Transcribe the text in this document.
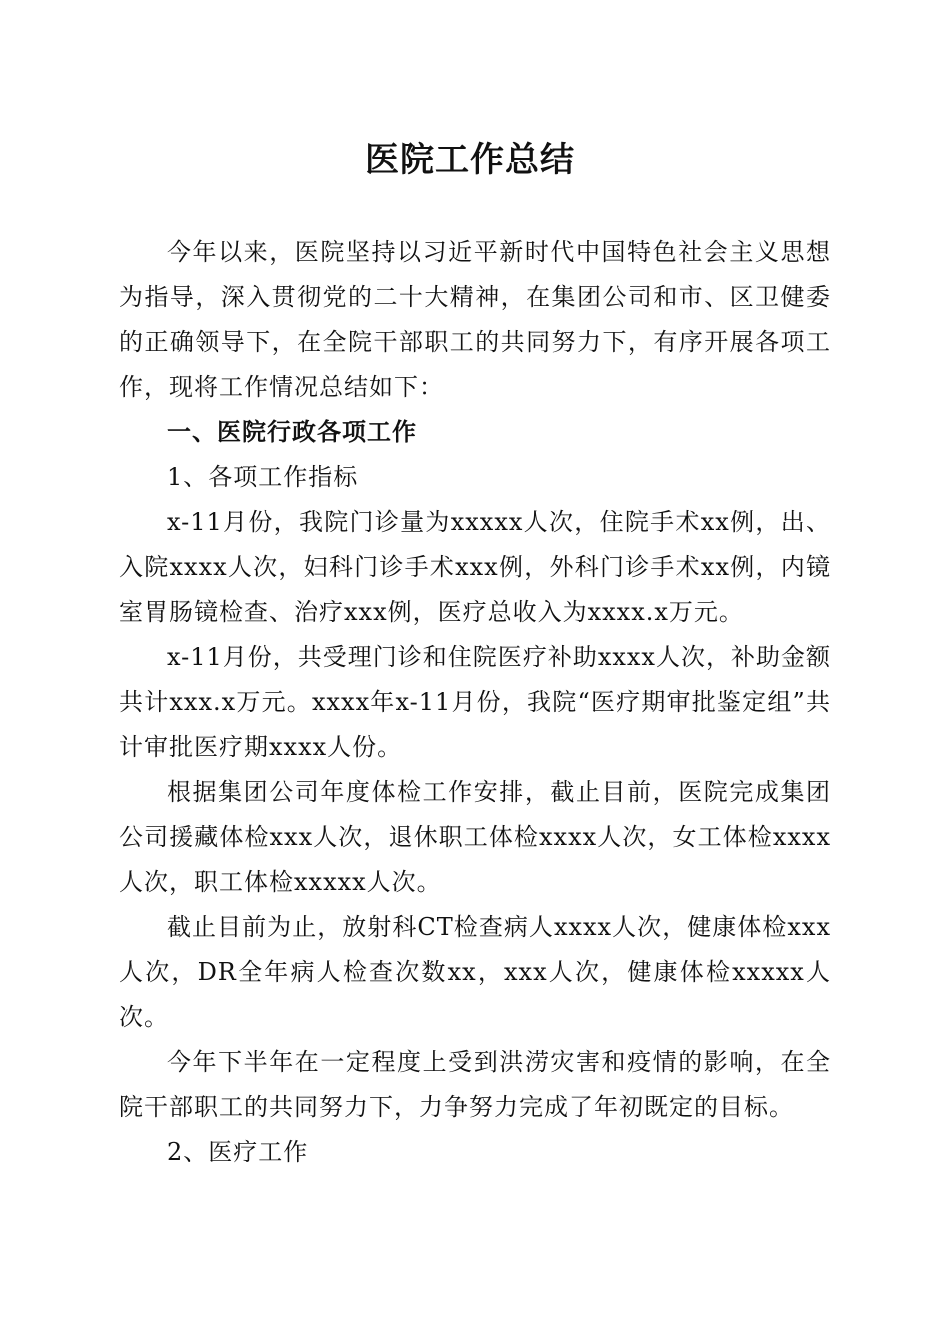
医院工作总结

今年以来，医院坚持以习近平新时代中国特色社会主义思想为指导，深入贯彻党的二十大精神，在集团公司和市、区卫健委的正确领导下，在全院干部职工的共同努力下，有序开展各项工作，现将工作情况总结如下：

一、医院行政各项工作

1、各项工作指标

x-11月份，我院门诊量为xxxxx人次，住院手术xx例，出、入院xxxx人次，妇科门诊手术xxx例，外科门诊手术xx例，内镜室胃肠镜检查、治疗xxx例，医疗总收入为xxxx.x万元。

x-11月份，共受理门诊和住院医疗补助xxxx人次，补助金额共计xxx.x万元。xxxx年x-11月份，我院“医疗期审批鉴定组”共计审批医疗期xxxx人份。

根据集团公司年度体检工作安排，截止目前，医院完成集团公司援藏体检xxx人次，退休职工体检xxxx人次，女工体检xxxx人次，职工体检xxxxx人次。

截止目前为止，放射科CT检查病人xxxx人次，健康体检xxx人次，DR全年病人检查次数xx，xxx人次，健康体检xxxxx人次。

今年下半年在一定程度上受到洪涝灾害和疫情的影响，在全院干部职工的共同努力下，力争努力完成了年初既定的目标。

2、医疗工作
